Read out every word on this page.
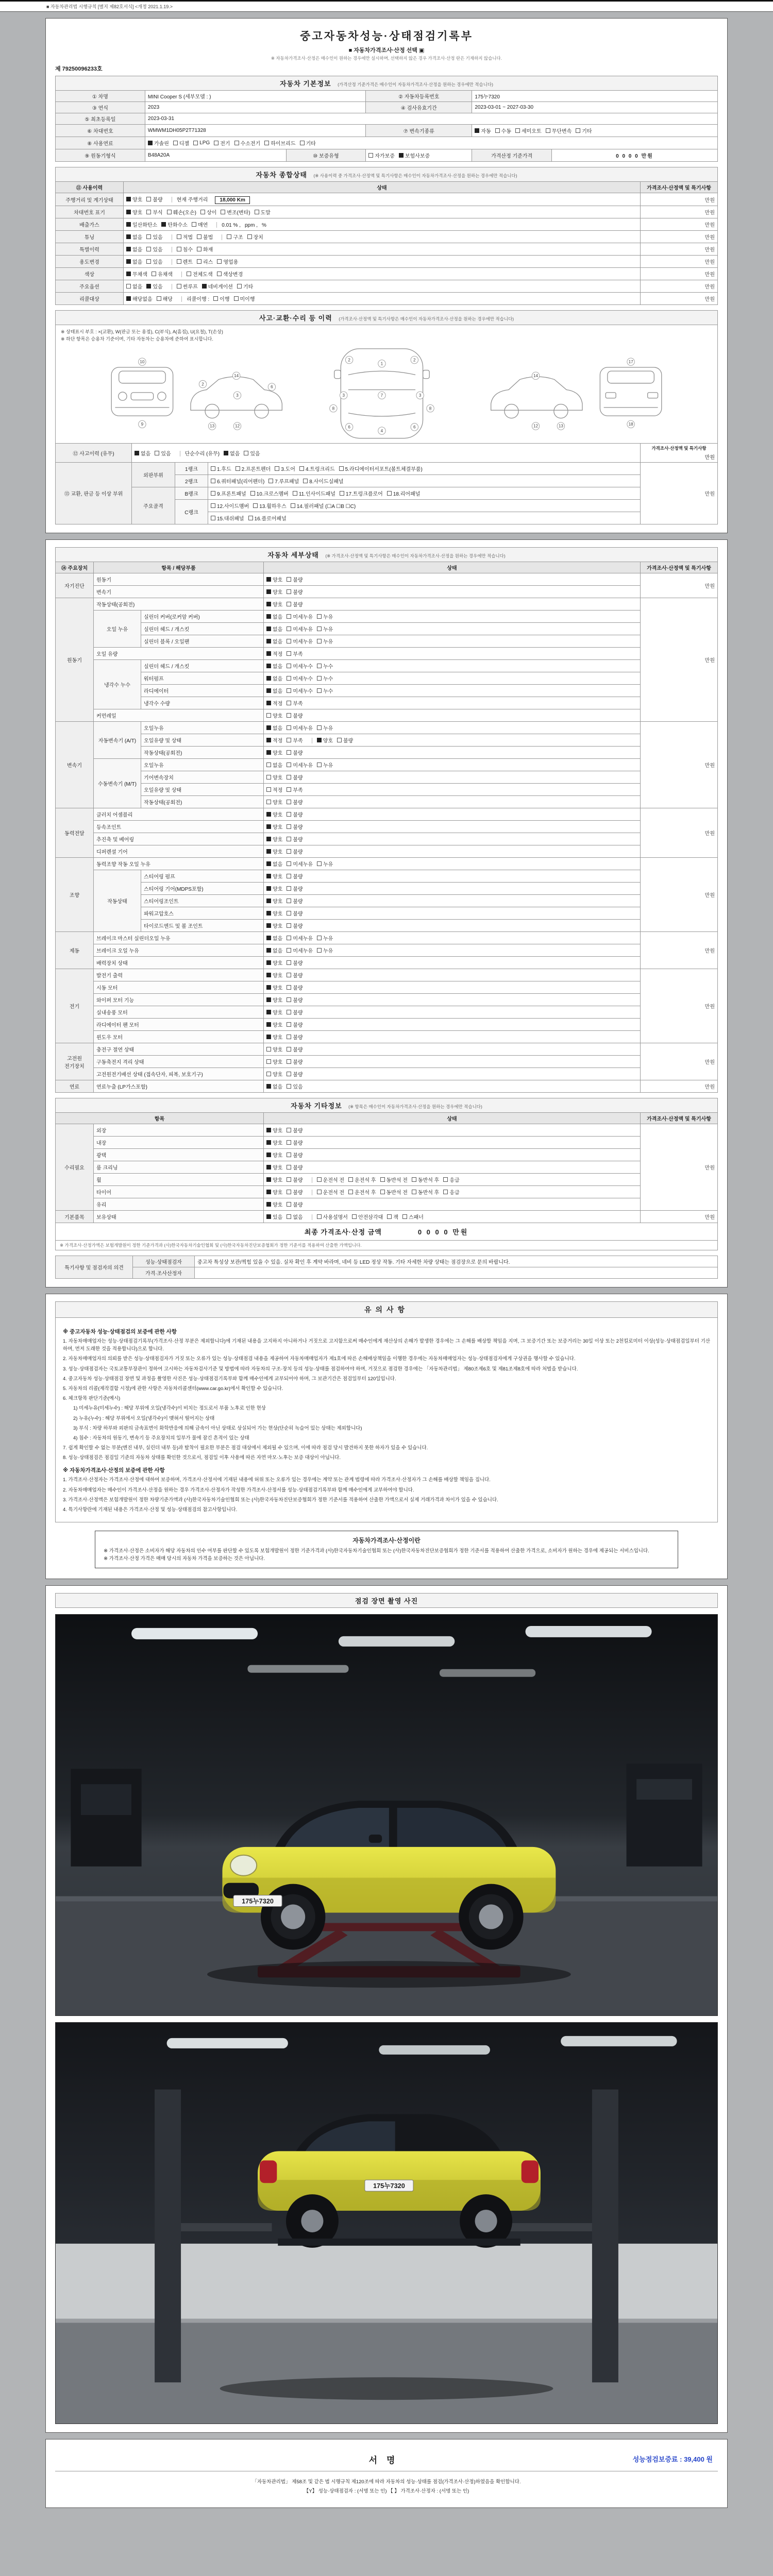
■ 자동차관리법 시행규칙 [별지 제82호서식] <개정 2021.1.19.>
중고자동차성능·상태점검기록부
■ 자동차가격조사·산정 선택 ▣
※ 자동차가격조사·산정은 매수인이 원하는 경우에만 실시하며, 선택하지 않은 경우 가격조사·산정 란은 기재하지 않습니다.
제 79250096233호
자동차 기본정보 (가격산정 기준가격은 매수인이 자동차가격조사·산정을 원하는 경우에만 적습니다)
① 차명	MINI Cooper S (세부모델 : )		② 자동차등록번호	175누7320	
③ 연식	2023		④ 검사유효기간	2023-03-01 ~ 2027-03-30	
⑤ 최초등록일	2023-03-31				
⑥ 차대번호	WMWM1DH05P2T71328		⑦ 변속기종류	자동 수동 세미오토 무단변속 기타	

⑧ 사용연료	가솔린 디젤 LPG 전기 수소전기 하이브리드 기타

⑨ 원동기형식	B48A20A	⑩ 보증유형	자가보증 보험사보증	가격산정 기준가격	0 0 0 0 만원
자동차 종합상태 (※ 사용이력 중 가격조사·산정액 및 특기사항은 매수인이 자동차가격조사·산정을 원하는 경우에만 적습니다)
⑪ 사용이력	상태	가격조사·산정액 및 특기사항
주행거리 및 계기상태	양호 불량 현재 주행거리 18,000 Km	만원
차대번호 표기	양호 부식 훼손(오손) 상이 변조(변타) 도말	만원
배출가스	일산화탄소 탄화수소 매연 0.01 % , ppm , %	만원
튜닝	없음 있음	적법 불법	구조 장치	만원
특별이력	없음 있음 침수 화재	만원
용도변경	없음 있음 렌트 리스 영업용	만원
색상	무채색 유채색 전체도색 색상변경	만원
주요옵션	없음 있음 썬루프 네비게이션 기타	만원
리콜대상	해당없음 해당 리콜이행 : 이행 미이행	만원
사고·교환·수리 등 이력 (가격조사·산정액 및 특기사항은 매수인이 자동차가격조사·산정을 원하는 경우에만 적습니다)
※ 상태표시 부호 : ×(교환), W(판금 또는 용접), C(부식), A(흠집), U(요철), T(손상)
※ 하단 항목은 승용차 기준이며, 기타 자동차는 승용차에 준하여 표시합니다.
10
9
2
14
3
6
13	12
1
7
4
2	2
3	3
6	6
8	8
14
12	13
17
18
⑫ 사고이력 (유무)	없음 있음	단순수리 (유무) 없음 있음

가격조사·산정액 및 특기사항
만원

⑬ 교환, 판금 등 이상 부위	외판부위	1랭크	1.후드 2.프론트펜더 3.도어 4.트렁크리드 5.라디에이터서포트(볼트체결부품)	만원
		2랭크	6.쿼터패널(리어펜더) 7.루프패널 8.사이드실패널	

	주요골격	B랭크	9.프론트패널 10.크로스멤버 11.인사이드패널 17.트렁크플로어 18.리어패널	

		C랭크	12.사이드멤버 13.휠하우스 14.필러패널 (☐A ☐B ☐C)	

			15.대쉬패널 16.플로어패널	
자동차 세부상태 (※ 가격조사·산정액 및 특기사항은 매수인이 자동차가격조사·산정을 원하는 경우에만 적습니다)
⑭ 주요장치	항목 / 해당부품		상태	가격조사·산정액 및 특기사항
자기진단	원동기		양호 불량	만원
	변속기		양호 불량	

원동기	작동상태(공회전)		양호 불량	만원
	오일 누유	실린더 커버(로커암 커버)	없음 미세누유 누유	

		실린더 헤드 / 개스킷	없음 미세누유 누유	

		실린더 블록 / 오일팬	없음 미세누유 누유	

	오일 유량		적정 부족	

	냉각수 누수	실린더 헤드 / 개스킷	없음 미세누수 누수	

		워터펌프	없음 미세누수 누수	

		라디에이터	없음 미세누수 누수	

		냉각수 수량	적정 부족	

	커먼레일		양호 불량	

변속기	자동변속기 (A/T)	오일누유	없음 미세누유 누유	만원
		오일유량 및 상태	적정 부족 양호 불량	

		작동상태(공회전)	양호 불량	

	수동변속기 (M/T)	오일누유	없음 미세누유 누유	

		기어변속장치	양호 불량	

		오일유량 및 상태	적정 부족	

		작동상태(공회전)	양호 불량	

동력전달	클러치 어셈블리		양호 불량	만원
	등속조인트		양호 불량	

	추진축 및 베어링		양호 불량	

	디퍼렌셜 기어		양호 불량	

조향	동력조향 작동 오일 누유		없음 미세누유 누유	만원
	작동상태	스티어링 펌프	양호 불량	

		스티어링 기어(MDPS포함)	양호 불량	

		스티어링조인트	양호 불량	

		파워고압호스	양호 불량	

		타이로드엔드 및 볼 조인트	양호 불량	

제동	브레이크 마스터 실린더오일 누유		없음 미세누유 누유	만원
	브레이크 오일 누유		없음 미세누유 누유	

	배력장치 상태		양호 불량	

전기	발전기 출력		양호 불량	만원
	시동 모터		양호 불량	

	와이퍼 모터 기능		양호 불량	

	실내송풍 모터		양호 불량	

	라디에이터 팬 모터		양호 불량	

	윈도우 모터		양호 불량	

고전원 전기장치	충전구 절연 상태		양호 불량	만원
	구동축전지 격리 상태		양호 불량	

	고전원전기배선 상태 (접속단자, 피복, 보호기구)		양호 불량	

연료	연료누출 (LP가스포함)		없음 있음	만원
자동차 기타정보 (※ 항목은 매수인이 자동차가격조사·산정을 원하는 경우에만 적습니다)
항목		상태	가격조사·산정액 및 특기사항
수리필요	외장	양호 불량	만원
	내장	양호 불량	

	광택	양호 불량	

	룸 크리닝	양호 불량	

휠	양호 불량	운전석 전 운전석 후 동반석 전 동반석 후 응급

타이어	양호 불량	운전석 전 운전석 후 동반석 전 동반석 후 응급

	유리	양호 불량	

기본품목	보유상태	있음 없음	사용설명서 안전삼각대 잭 스패너	만원
최종 가격조사·산정 금액	0 0 0 0 만원
※ 가격조사·산정가액은 보험개발원이 정한 기준가격과 (사)한국자동차기술인협회 및 (사)한국자동차진단보증협회가 정한 기준서를 적용하여 산출한 가액입니다.
특기사항 및 점검자의 의견	성능·상태점검자	중고차 특성상 보관/찍힘 있을 수 있음. 실차 확인 후 계약 바라며, 네비 등 LED 정상 작동. 기타 자세한 차량 상태는 점검장으로 문의 바랍니다.
	가격·조사산정자	
유의사항
※ 중고자동차 성능·상태점검의 보증에 관한 사항
1. 자동차매매업자는 성능·상태점검기록부(가격조사·산정 부분은 제외합니다)에 기재된 내용을 고지하지 아니하거나 거짓으로 고지함으로써 매수인에게 재산상의 손해가 발생한 경우에는 그 손해를 배상할 책임을 지며, 그 보증기간 또는 보증거리는 30일 이상 또는 2천킬로미터 이상(성능·상태점검일부터 기산하며, 먼저 도래한 것을 적용합니다)으로 합니다.
2. 자동차매매업자의 의뢰를 받은 성능·상태점검자가 거짓 또는 오류가 있는 성능·상태점검 내용을 제공하여 자동차매매업자가 제1호에 따른 손해배상책임을 이행한 경우에는 자동차매매업자는 성능·상태점검자에게 구상권을 행사할 수 있습니다.
3. 성능·상태점검자는 국토교통부장관이 정하여 고시하는 자동차검사기준 및 방법에 따라 자동차의 구조·장치 등의 성능·상태를 점검하여야 하며, 거짓으로 점검한 경우에는 「자동차관리법」 제80조제6호 및 제81조제8호에 따라 처벌을 받습니다.
4. 중고자동차 성능·상태점검 장면 및 과정을 촬영한 사진은 성능·상태점검기록부와 함께 매수인에게 교부되어야 하며, 그 보관기간은 점검일부터 120일입니다.
5. 자동차의 리콜(제작결함 시정)에 관한 사항은 자동차리콜센터(www.car.go.kr)에서 확인할 수 있습니다.
6. 체크항목 판단기준(예시)
1) 미세누유(미세누수) : 해당 부위에 오일(냉각수)이 비치는 정도로서 부품 노후로 인한 현상
2) 누유(누수) : 해당 부위에서 오일(냉각수)이 맺혀서 떨어지는 상태
3) 부식 : 차량 하부와 외판의 금속표면이 화학반응에 의해 금속이 아닌 상태로 상실되어 가는 현상(단순히 녹슬어 있는 상태는 제외합니다)
4) 침수 : 자동차의 원동기, 변속기 등 주요장치의 일부가 물에 잠긴 흔적이 있는 상태
7. 쉽게 확인할 수 없는 부분(엔진 내부, 실린더 내부 등)과 탈착이 필요한 부분은 점검 대상에서 제외될 수 있으며, 이에 따라 점검 당시 발견하지 못한 하자가 있을 수 있습니다.
8. 성능·상태점검은 점검일 기준의 자동차 상태를 확인한 것으로서, 점검일 이후 사용에 따른 자연 마모·노후는 보증 대상이 아닙니다.
※ 자동차가격조사·산정의 보증에 관한 사항
1. 가격조사·산정자는 가격조사·산정에 대하여 보증하며, 가격조사·산정서에 기재된 내용에 허위 또는 오류가 있는 경우에는 계약 또는 관계 법령에 따라 가격조사·산정자가 그 손해를 배상할 책임을 집니다.
2. 자동차매매업자는 매수인이 가격조사·산정을 원하는 경우 가격조사·산정자가 작성한 가격조사·산정서를 성능·상태점검기록부와 함께 매수인에게 교부하여야 합니다.
3. 가격조사·산정액은 보험개발원이 정한 차량기준가액과 (사)한국자동차기술인협회 또는 (사)한국자동차진단보증협회가 정한 기준서를 적용하여 산출한 가액으로서 실제 거래가격과 차이가 있을 수 있습니다.
4. 특기사항란에 기재된 내용은 가격조사·산정 및 성능·상태점검의 참고사항입니다.
자동차가격조사·산정이란
※ 가격조사·산정은 소비자가 해당 자동차의 인수 여부를 판단할 수 있도록 보험개발원이 정한 기준가격과 (사)한국자동차기술인협회 또는 (사)한국자동차진단보증협회가 정한 기준서를 적용하여 산출한 가격으로, 소비자가 원하는 경우에 제공되는 서비스입니다.
※ 가격조사·산정 가격은 매매 당시의 자동차 가격을 보증하는 것은 아닙니다.
점검 장면 촬영 사진
175누7320
175누7320
서명	성능점검보증료 : 39,400 원
「자동차관리법」 제58조 및 같은 법 시행규칙 제120조에 따라 자동차의 성능·상태를 점검(가격조사·산정)하였음을 확인합니다.
【Y】 성능·상태점검자 : (서명 또는 인) 【 】 가격조사·산정자 : (서명 또는 인)
